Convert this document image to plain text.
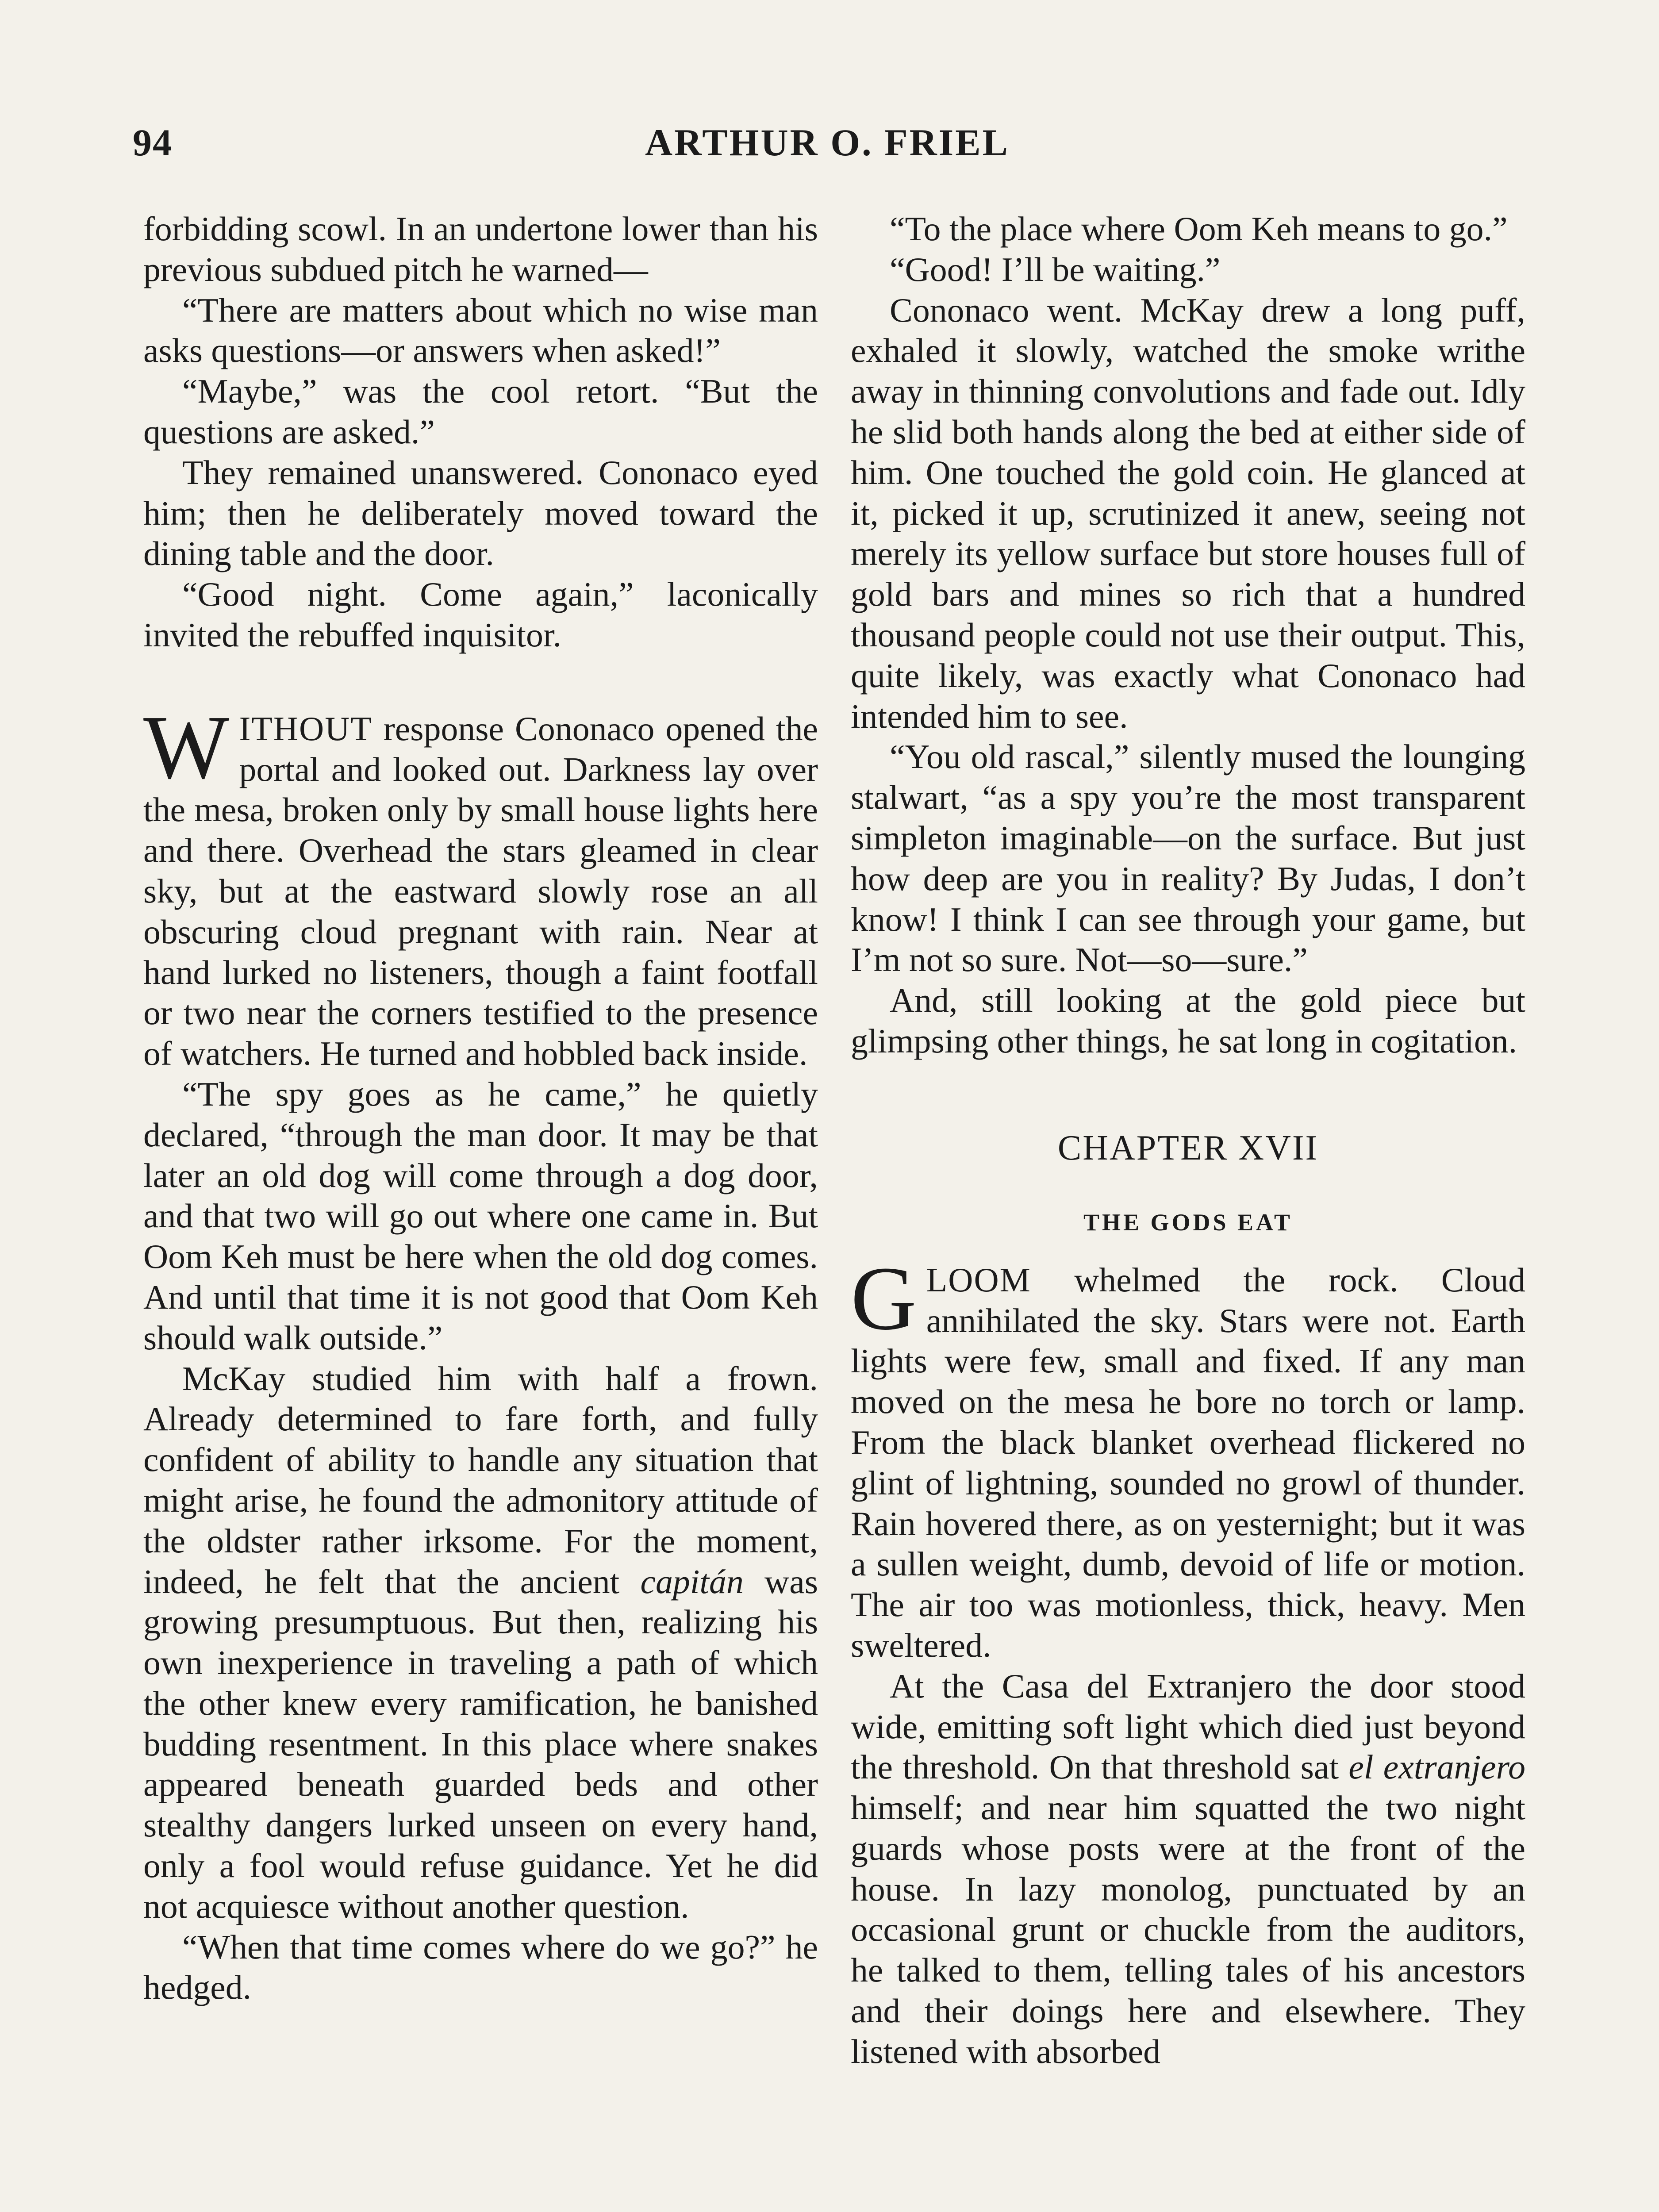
94	ARTHUR O. FRIEL

forbidding scowl. In an undertone lower than his previous subdued pitch he warned—

“There are matters about which no wise man asks questions—or answers when asked!”

“Maybe,” was the cool retort. “But the questions are asked.”

They remained unanswered. Cononaco eyed him; then he deliberately moved toward the dining table and the door.

“Good night. Come again,” laconically invited the rebuffed inquisitor.

WITHOUT response Cononaco opened the portal and looked out. Darkness lay over the mesa, broken only by small house lights here and there. Overhead the stars gleamed in clear sky, but at the eastward slowly rose an all obscuring cloud pregnant with rain. Near at hand lurked no listeners, though a faint footfall or two near the corners testified to the presence of watchers. He turned and hobbled back inside.

“The spy goes as he came,” he quietly declared, “through the man door. It may be that later an old dog will come through a dog door, and that two will go out where one came in. But Oom Keh must be here when the old dog comes. And until that time it is not good that Oom Keh should walk outside.”

McKay studied him with half a frown. Already determined to fare forth, and fully confident of ability to handle any situation that might arise, he found the admonitory attitude of the oldster rather irksome. For the moment, indeed, he felt that the ancient capitán was growing presumptuous. But then, realizing his own inexperience in traveling a path of which the other knew every ramification, he banished budding resentment. In this place where snakes appeared beneath guarded beds and other stealthy dangers lurked unseen on every hand, only a fool would refuse guidance. Yet he did not acquiesce without another question.

“When that time comes where do we go?” he hedged.

“To the place where Oom Keh means to go.”

“Good! I’ll be waiting.”

Cononaco went. McKay drew a long puff, exhaled it slowly, watched the smoke writhe away in thinning convolutions and fade out. Idly he slid both hands along the bed at either side of him. One touched the gold coin. He glanced at it, picked it up, scrutinized it anew, seeing not merely its yellow surface but store houses full of gold bars and mines so rich that a hundred thousand people could not use their output. This, quite likely, was exactly what Cononaco had intended him to see.

“You old rascal,” silently mused the lounging stalwart, “as a spy you’re the most transparent simpleton imaginable—on the surface. But just how deep are you in reality? By Judas, I don’t know! I think I can see through your game, but I’m not so sure. Not—so—sure.”

And, still looking at the gold piece but glimpsing other things, he sat long in cogitation.

CHAPTER XVII
THE GODS EAT

GLOOM whelmed the rock. Cloud annihilated the sky. Stars were not. Earth lights were few, small and fixed. If any man moved on the mesa he bore no torch or lamp. From the black blanket overhead flickered no glint of lightning, sounded no growl of thunder. Rain hovered there, as on yesternight; but it was a sullen weight, dumb, devoid of life or motion. The air too was motionless, thick, heavy. Men sweltered.

At the Casa del Extranjero the door stood wide, emitting soft light which died just beyond the threshold. On that threshold sat el extranjero himself; and near him squatted the two night guards whose posts were at the front of the house. In lazy monolog, punctuated by an occasional grunt or chuckle from the auditors, he talked to them, telling tales of his ancestors and their doings here and elsewhere. They listened with absorbed
